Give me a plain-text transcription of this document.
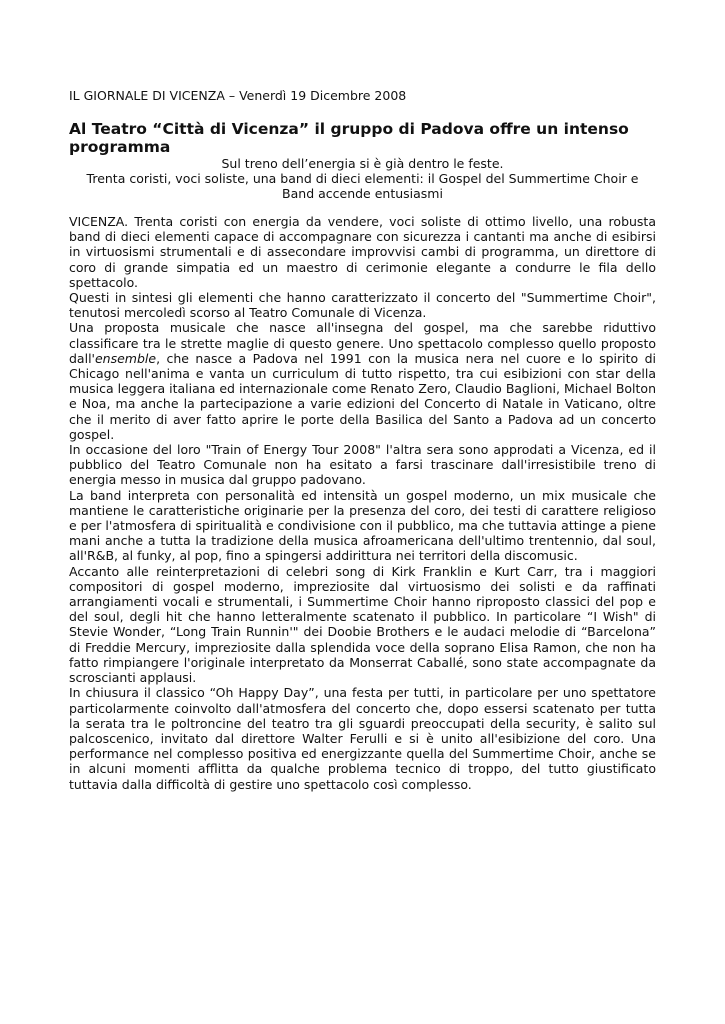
IL GIORNALE DI VICENZA – Venerdì 19 Dicembre 2008

Al Teatro “Città di Vicenza” il gruppo di Padova offre un intenso programma

Sul treno dell’energia si è già dentro le feste.

Trenta coristi, voci soliste, una band di dieci elementi: il Gospel del Summertime Choir e Band accende entusiasmi

VICENZA. Trenta coristi con energia da vendere, voci soliste di ottimo livello, una robusta band di dieci elementi capace di accompagnare con sicurezza i cantanti ma anche di esibirsi in virtuosismi strumentali e di assecondare improvvisi cambi di programma, un direttore di coro di grande simpatia ed un maestro di cerimonie elegante a condurre le fila dello spettacolo.

Questi in sintesi gli elementi che hanno caratterizzato il concerto del "Summertime Choir", tenutosi mercoledì scorso al Teatro Comunale di Vicenza.

Una proposta musicale che nasce all'insegna del gospel, ma che sarebbe riduttivo classificare tra le strette maglie di questo genere. Uno spettacolo complesso quello proposto dall'ensemble, che nasce a Padova nel 1991 con la musica nera nel cuore e lo spirito di Chicago nell'anima e vanta un curriculum di tutto rispetto, tra cui esibizioni con star della musica leggera italiana ed internazionale come Renato Zero, Claudio Baglioni, Michael Bolton e Noa, ma anche la partecipazione a varie edizioni del Concerto di Natale in Vaticano, oltre che il merito di aver fatto aprire le porte della Basilica del Santo a Padova ad un concerto gospel.

In occasione del loro "Train of Energy Tour 2008" l'altra sera sono approdati a Vicenza, ed il pubblico del Teatro Comunale non ha esitato a farsi trascinare dall'irresistibile treno di energia messo in musica dal gruppo padovano.

La band interpreta con personalità ed intensità un gospel moderno, un mix musicale che mantiene le caratteristiche originarie per la presenza del coro, dei testi di carattere religioso e per l'atmosfera di spiritualità e condivisione con il pubblico, ma che tuttavia attinge a piene mani anche a tutta la tradizione della musica afroamericana dell'ultimo trentennio, dal soul, all'R&B, al funky, al pop, fino a spingersi addirittura nei territori della discomusic.

Accanto alle reinterpretazioni di celebri song di Kirk Franklin e Kurt Carr, tra i maggiori compositori di gospel moderno, impreziosite dal virtuosismo dei solisti e da raffinati arrangiamenti vocali e strumentali, i Summertime Choir hanno riproposto classici del pop e del soul, degli hit che hanno letteralmente scatenato il pubblico. In particolare “I Wish" di Stevie Wonder, “Long Train Runnin'" dei Doobie Brothers e le audaci melodie di “Barcelona” di Freddie Mercury, impreziosite dalla splendida voce della soprano Elisa Ramon, che non ha fatto rimpiangere l'originale interpretato da Monserrat Caballé, sono state accompagnate da scroscianti applausi.

In chiusura il classico “Oh Happy Day”, una festa per tutti, in particolare per uno spettatore particolarmente coinvolto dall'atmosfera del concerto che, dopo essersi scatenato per tutta la serata tra le poltroncine del teatro tra gli sguardi preoccupati della security, è salito sul palcoscenico, invitato dal direttore Walter Ferulli e si è unito all'esibizione del coro. Una performance nel complesso positiva ed energizzante quella del Summertime Choir, anche se in alcuni momenti afflitta da qualche problema tecnico di troppo, del tutto giustificato tuttavia dalla difficoltà di gestire uno spettacolo così complesso.
